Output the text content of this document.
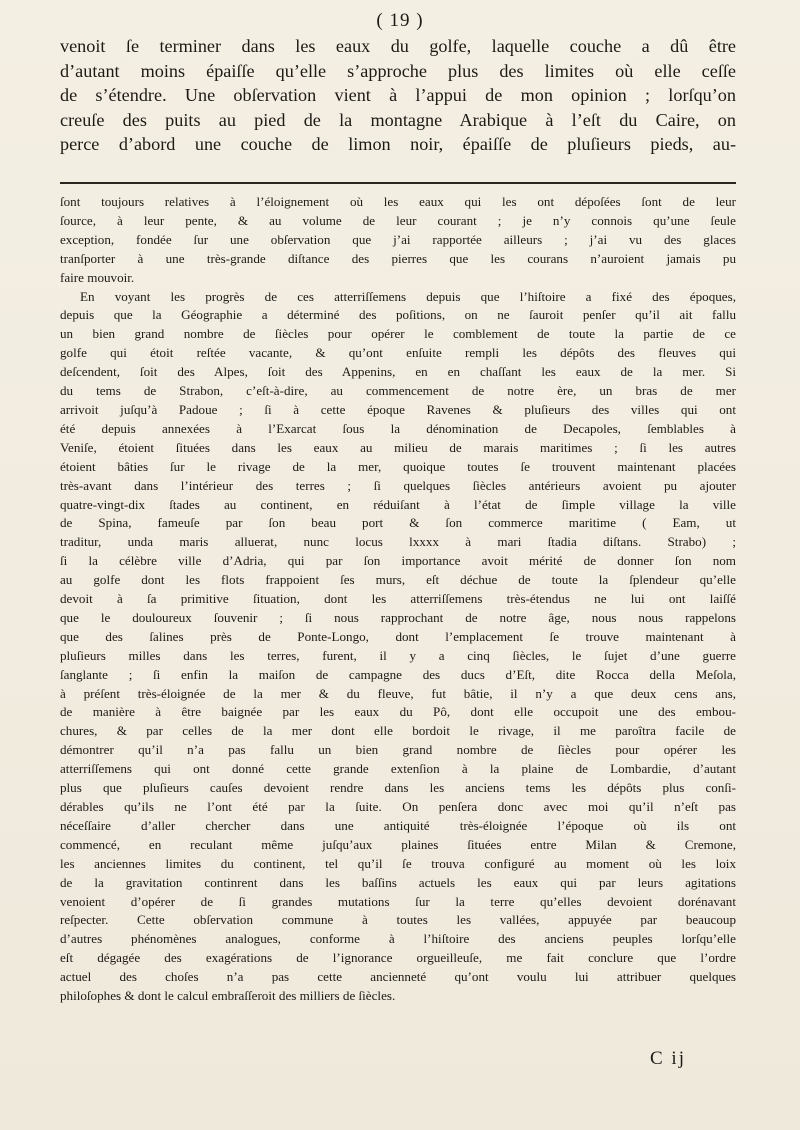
( 19 )
venoit ſe terminer dans les eaux du golfe, laquelle couche a dû être
d’autant moins épaiſſe qu’elle s’approche plus des limites où elle ceſſe
de s’étendre. Une obſervation vient à l’appui de mon opinion ; lorſqu’on
creuſe des puits au pied de la montagne Arabique à l’eſt du Caire, on
perce d’abord une couche de limon noir, épaiſſe de pluſieurs pieds, au-
ſont toujours relatives à l’éloignement où les eaux qui les ont dépoſées ſont de leur
ſource, à leur pente, & au volume de leur courant ; je n’y connois qu’une ſeule
exception, fondée ſur une obſervation que j’ai rapportée ailleurs ; j’ai vu des glaces
tranſporter à une très-grande diſtance des pierres que les courans n’auroient jamais pu
faire mouvoir.
En voyant les progrès de ces atterriſſemens depuis que l’hiſtoire a fixé des époques,
depuis que la Géographie a déterminé des poſitions, on ne ſauroit penſer qu’il ait fallu
un bien grand nombre de ſiècles pour opérer le comblement de toute la partie de ce
golfe qui étoit reſtée vacante, & qu’ont enſuite rempli les dépôts des fleuves qui
deſcendent, ſoit des Alpes, ſoit des Appenins, en en chaſſant les eaux de la mer. Si
du tems de Strabon, c’eſt-à-dire, au commencement de notre ère, un bras de mer
arrivoit juſqu’à Padoue ; ſi à cette époque Ravenes & pluſieurs des villes qui ont
été depuis annexées à l’Exarcat ſous la dénomination de Decapoles, ſemblables à
Veniſe, étoient ſituées dans les eaux au milieu de marais maritimes ; ſi les autres
étoient bâties ſur le rivage de la mer, quoique toutes ſe trouvent maintenant placées
très-avant dans l’intérieur des terres ; ſi quelques ſiècles antérieurs avoient pu ajouter
quatre-vingt-dix ſtades au continent, en réduiſant à l’état de ſimple village la ville
de Spina, fameuſe par ſon beau port & ſon commerce maritime ( Eam, ut
traditur, unda maris alluerat, nunc locus lxxxx à mari ſtadia diſtans. Strabo) ;
ſi la célèbre ville d’Adria, qui par ſon importance avoit mérité de donner ſon nom
au golfe dont les flots frappoient ſes murs, eſt déchue de toute la ſplendeur qu’elle
devoit à ſa primitive ſituation, dont les atterriſſemens très-étendus ne lui ont laiſſé
que le douloureux ſouvenir ; ſi nous rapprochant de notre âge, nous nous rappelons
que des ſalines près de Ponte-Longo, dont l’emplacement ſe trouve maintenant à
pluſieurs milles dans les terres, furent, il y a cinq ſiècles, le ſujet d’une guerre
ſanglante ; ſi enfin la maiſon de campagne des ducs d’Eſt, dite Rocca della Meſola,
à préſent très-éloignée de la mer & du fleuve, fut bâtie, il n’y a que deux cens ans,
de manière à être baignée par les eaux du Pô, dont elle occupoit une des embou-
chures, & par celles de la mer dont elle bordoit le rivage, il me paroîtra facile de
démontrer qu’il n’a pas fallu un bien grand nombre de ſiècles pour opérer les
atterriſſemens qui ont donné cette grande extenſion à la plaine de Lombardie, d’autant
plus que pluſieurs cauſes devoient rendre dans les anciens tems les dépôts plus conſi-
dérables qu’ils ne l’ont été par la ſuite. On penſera donc avec moi qu’il n’eſt pas
néceſſaire d’aller chercher dans une antiquité très-éloignée l’époque où ils ont
commencé, en reculant même juſqu’aux plaines ſituées entre Milan & Cremone,
les anciennes limites du continent, tel qu’il ſe trouva configuré au moment où les loix
de la gravitation continrent dans les baſſins actuels les eaux qui par leurs agitations
venoient d’opérer de ſi grandes mutations ſur la terre qu’elles devoient dorénavant
reſpecter. Cette obſervation commune à toutes les vallées, appuyée par beaucoup
d’autres phénomènes analogues, conforme à l’hiſtoire des anciens peuples lorſqu’elle
eſt dégagée des exagérations de l’ignorance orgueilleuſe, me fait conclure que l’ordre
actuel des choſes n’a pas cette ancienneté qu’ont voulu lui attribuer quelques
philoſophes & dont le calcul embraſſeroit des milliers de ſiècles.
C ij
